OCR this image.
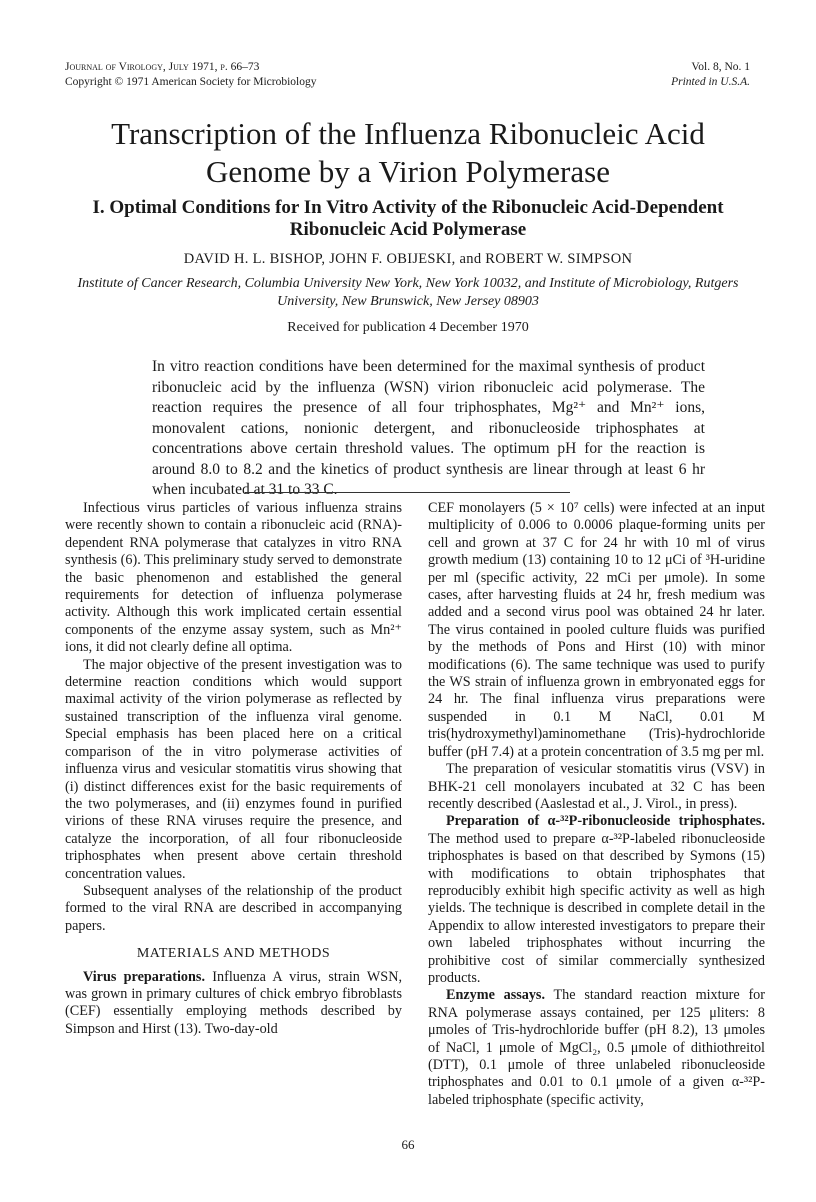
Journal of Virology, July 1971, p. 66–73
Copyright © 1971 American Society for Microbiology
Vol. 8, No. 1
Printed in U.S.A.
Transcription of the Influenza Ribonucleic Acid Genome by a Virion Polymerase
I. Optimal Conditions for In Vitro Activity of the Ribonucleic Acid-Dependent Ribonucleic Acid Polymerase
DAVID H. L. BISHOP, JOHN F. OBIJESKI, and ROBERT W. SIMPSON
Institute of Cancer Research, Columbia University New York, New York 10032, and Institute of Microbiology, Rutgers University, New Brunswick, New Jersey 08903
Received for publication 4 December 1970
In vitro reaction conditions have been determined for the maximal synthesis of product ribonucleic acid by the influenza (WSN) virion ribonucleic acid polymerase. The reaction requires the presence of all four triphosphates, Mg²⁺ and Mn²⁺ ions, monovalent cations, nonionic detergent, and ribonucleoside triphosphates at concentrations above certain threshold values. The optimum pH for the reaction is around 8.0 to 8.2 and the kinetics of product synthesis are linear through at least 6 hr when incubated at 31 to 33 C.

Infectious virus particles of various influenza strains were recently shown to contain a ribonucleic acid (RNA)-dependent RNA polymerase that catalyzes in vitro RNA synthesis (6). This preliminary study served to demonstrate the basic phenomenon and established the general requirements for detection of influenza polymerase activity. Although this work implicated certain essential components of the enzyme assay system, such as Mn²⁺ ions, it did not clearly define all optima.

The major objective of the present investigation was to determine reaction conditions which would support maximal activity of the virion polymerase as reflected by sustained transcription of the influenza viral genome. Special emphasis has been placed here on a critical comparison of the in vitro polymerase activities of influenza virus and vesicular stomatitis virus showing that (i) distinct differences exist for the basic requirements of the two polymerases, and (ii) enzymes found in purified virions of these RNA viruses require the presence, and catalyze the incorporation, of all four ribonucleoside triphosphates when present above certain threshold concentration values.

Subsequent analyses of the relationship of the product formed to the viral RNA are described in accompanying papers.

MATERIALS AND METHODS

Virus preparations. Influenza A virus, strain WSN, was grown in primary cultures of chick embryo fibroblasts (CEF) essentially employing methods described by Simpson and Hirst (13). Two-day-old

CEF monolayers (5 × 10⁷ cells) were infected at an input multiplicity of 0.006 to 0.0006 plaque-forming units per cell and grown at 37 C for 24 hr with 10 ml of virus growth medium (13) containing 10 to 12 μCi of ³H-uridine per ml (specific activity, 22 mCi per μmole). In some cases, after harvesting fluids at 24 hr, fresh medium was added and a second virus pool was obtained 24 hr later. The virus contained in pooled culture fluids was purified by the methods of Pons and Hirst (10) with minor modifications (6). The same technique was used to purify the WS strain of influenza grown in embryonated eggs for 24 hr. The final influenza virus preparations were suspended in 0.1 M NaCl, 0.01 M tris(hydroxymethyl)aminomethane (Tris)-hydrochloride buffer (pH 7.4) at a protein concentration of 3.5 mg per ml.

The preparation of vesicular stomatitis virus (VSV) in BHK-21 cell monolayers incubated at 32 C has been recently described (Aaslestad et al., J. Virol., in press).

Preparation of α-³²P-ribonucleoside triphosphates. The method used to prepare α-³²P-labeled ribonucleoside triphosphates is based on that described by Symons (15) with modifications to obtain triphosphates that reproducibly exhibit high specific activity as well as high yields. The technique is described in complete detail in the Appendix to allow interested investigators to prepare their own labeled triphosphates without incurring the prohibitive cost of similar commercially synthesized products.

Enzyme assays. The standard reaction mixture for RNA polymerase assays contained, per 125 μliters: 8 μmoles of Tris-hydrochloride buffer (pH 8.2), 13 μmoles of NaCl, 1 μmole of MgCl₂, 0.5 μmole of dithiothreitol (DTT), 0.1 μmole of three unlabeled ribonucleoside triphosphates and 0.01 to 0.1 μmole of a given α-³²P-labeled triphosphate (specific activity,

66
